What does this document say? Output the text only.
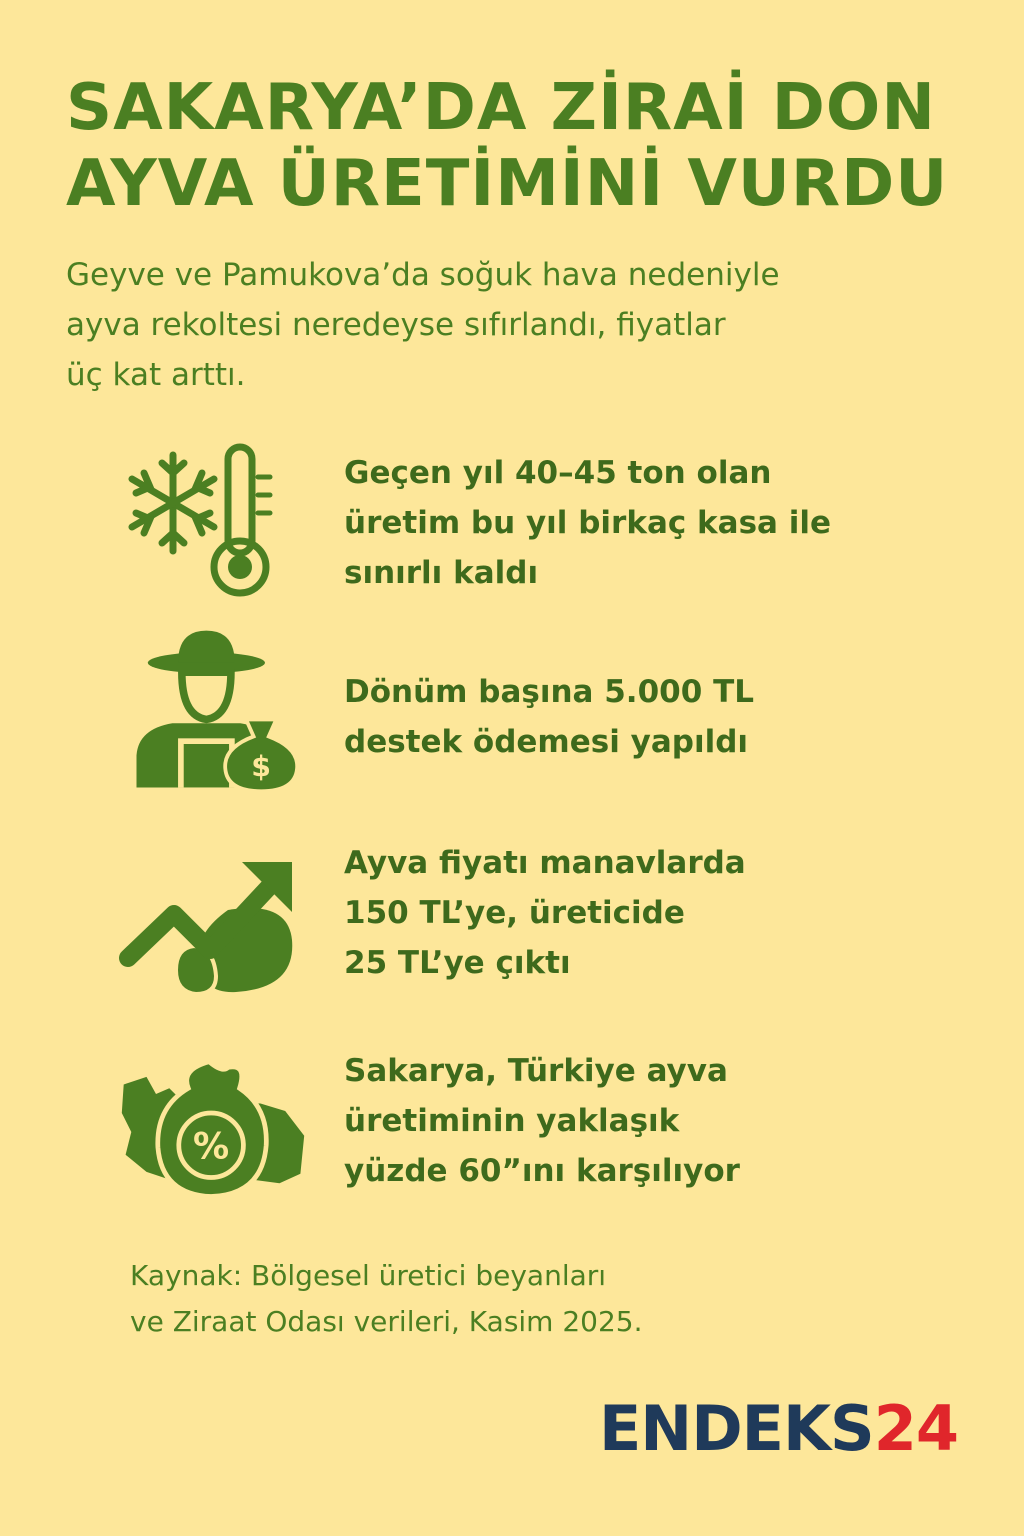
SAKARYA’DA ZİRAİ DON
AYVA ÜRETİMİNİ VURDU

Geyve ve Pamukova’da soğuk hava nedeniyle
ayva rekoltesi neredeyse sıfırlandı, fiyatlar
üç kat arttı.

Geçen yıl 40–45 ton olan
üretim bu yıl birkaç kasa ile
sınırlı kaldı
$
Dönüm başına 5.000 TL
destek ödemesi yapıldı
Ayva fiyatı manavlarda
150 TL’ye, üreticide
25 TL’ye çıktı
%
Sakarya, Türkiye ayva
üretiminin yaklaşık
yüzde 60”ını karşılıyor
Kaynak: Bölgesel üretici beyanları
ve Ziraat Odası verileri, Kasim 2025.
ENDEKS24
